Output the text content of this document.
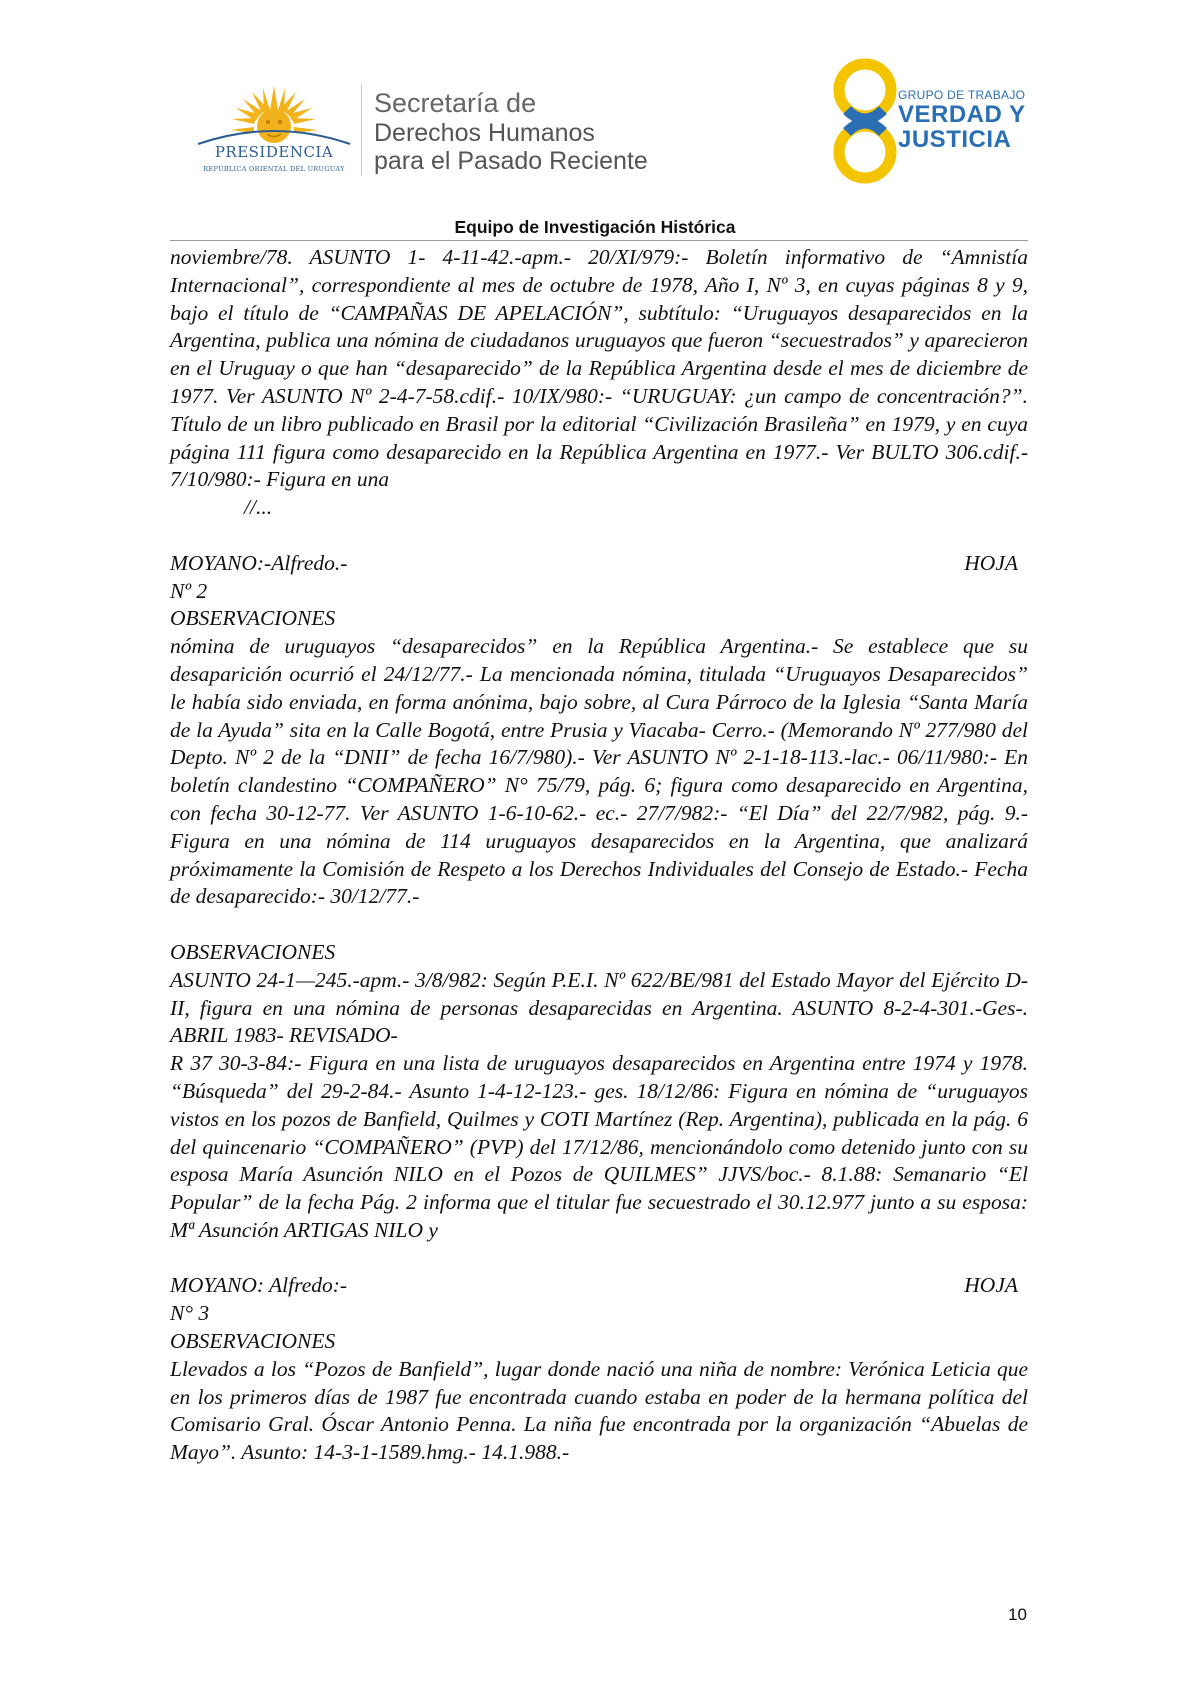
PRESIDENCIA
REPÚBLICA ORIENTAL DEL URUGUAY
Secretaría de
Derechos Humanos
para el Pasado Reciente
GRUPO DE TRABAJO
VERDAD Y
JUSTICIA
Equipo de Investigación Histórica

noviembre/78. ASUNTO 1- 4-11-42.-apm.- 20/XI/979:- Boletín informativo de “Amnistía Internacional”, correspondiente al mes de octubre de 1978, Año I, Nº 3, en cuyas páginas 8 y 9, bajo el título de “CAMPAÑAS DE APELACIÓN”, subtítulo: “Uruguayos desaparecidos en la Argentina, publica una nómina de ciudadanos uruguayos que fueron “secuestrados” y aparecieron en el Uruguay o que han “desaparecido” de la República Argentina desde el mes de diciembre de 1977. Ver ASUNTO Nº 2-4-7-58.cdif.- 10/IX/980:- “URUGUAY: ¿un campo de concentración?”. Título de un libro publicado en Brasil por la editorial “Civilización Brasileña” en 1979, y en cuya página 111 figura como desaparecido en la República Argentina en 1977.- Ver BULTO 306.cdif.- 7/10/980:- Figura en una

//...

MOYANO:-Alfredo.-	HOJA

Nº 2

OBSERVACIONES

nómina de uruguayos “desaparecidos” en la República Argentina.- Se establece que su desaparición ocurrió el 24/12/77.- La mencionada nómina, titulada “Uruguayos Desaparecidos” le había sido enviada, en forma anónima, bajo sobre, al Cura Párroco de la Iglesia “Santa María de la Ayuda” sita en la Calle Bogotá, entre Prusia y Viacaba- Cerro.- (Memorando Nº 277/980 del Depto. Nº 2 de la “DNII” de fecha 16/7/980).- Ver ASUNTO Nº 2-1-18-113.-lac.- 06/11/980:- En boletín clandestino “COMPAÑERO” N° 75/79, pág. 6; figura como desaparecido en Argentina, con fecha 30-12-77. Ver ASUNTO 1-6-10-62.- ec.- 27/7/982:- “El Día” del 22/7/982, pág. 9.- Figura en una nómina de 114 uruguayos desaparecidos en la Argentina, que analizará próximamente la Comisión de Respeto a los Derechos Individuales del Consejo de Estado.- Fecha de desaparecido:- 30/12/77.-

OBSERVACIONES

ASUNTO 24-1—245.-apm.- 3/8/982: Según P.E.I. Nº 622/BE/981 del Estado Mayor del Ejército D- II, figura en una nómina de personas desaparecidas en Argentina. ASUNTO 8-2-4-301.-Ges-. ABRIL 1983- REVISADO-

R 37 30-3-84:- Figura en una lista de uruguayos desaparecidos en Argentina entre 1974 y 1978. “Búsqueda” del 29-2-84.- Asunto 1-4-12-123.- ges. 18/12/86: Figura en nómina de “uruguayos vistos en los pozos de Banfield, Quilmes y COTI Martínez (Rep. Argentina), publicada en la pág. 6 del quincenario “COMPAÑERO” (PVP) del 17/12/86, mencionándolo como detenido junto con su esposa María Asunción NILO en el Pozos de QUILMES” JJVS/boc.- 8.1.88: Semanario “El Popular” de la fecha Pág. 2 informa que el titular fue secuestrado el 30.12.977 junto a su esposa: Mª Asunción ARTIGAS NILO y

MOYANO: Alfredo:-	HOJA

N° 3

OBSERVACIONES

Llevados a los “Pozos de Banfield”, lugar donde nació una niña de nombre: Verónica Leticia que en los primeros días de 1987 fue encontrada cuando estaba en poder de la hermana política del Comisario Gral. Óscar Antonio Penna. La niña fue encontrada por la organización “Abuelas de Mayo”. Asunto: 14-3-1-1589.hmg.- 14.1.988.-

10
